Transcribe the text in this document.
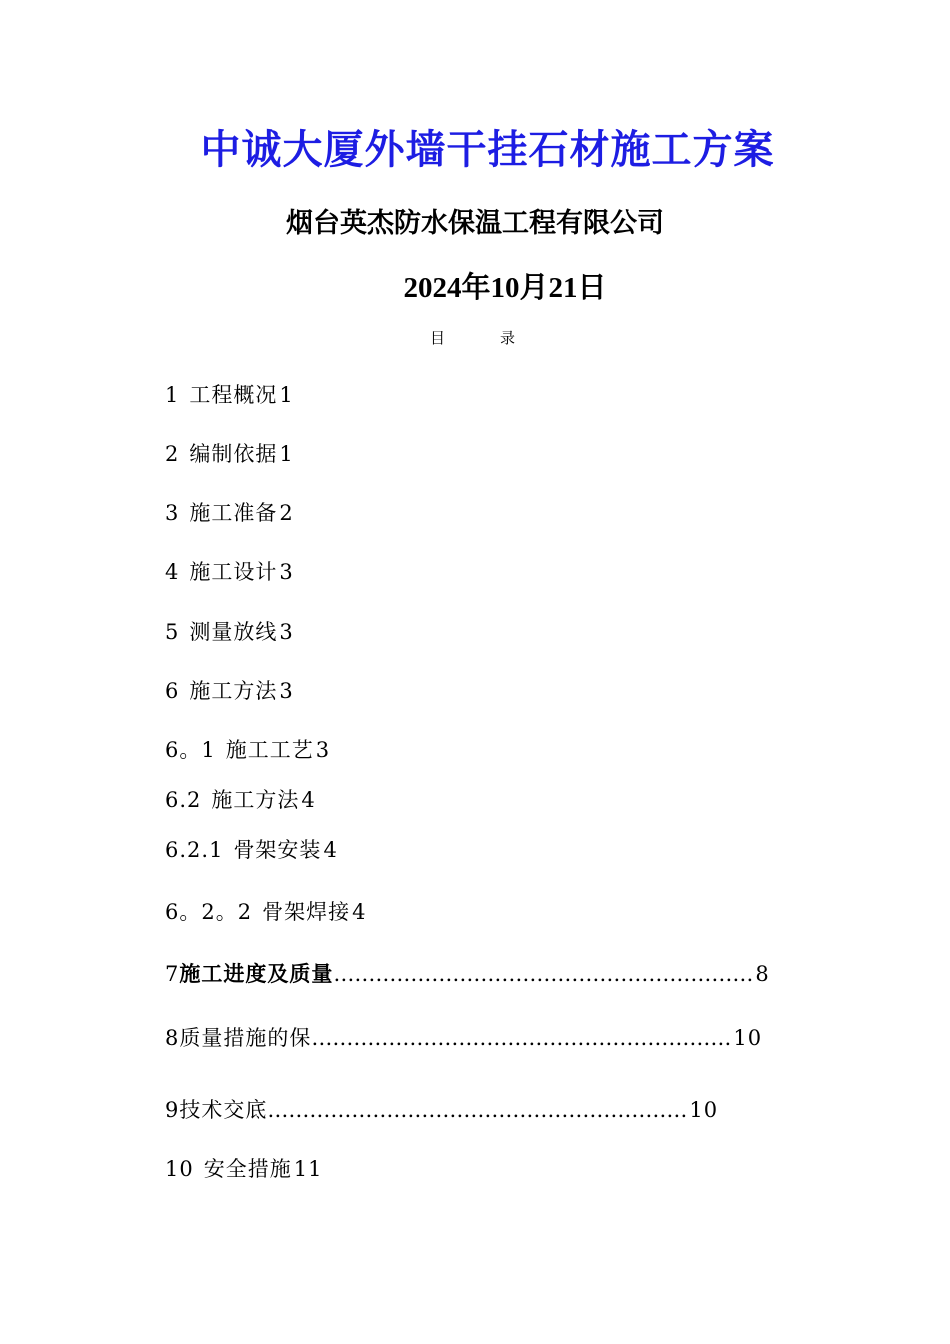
中诚大厦外墙干挂石材施工方案
烟台英杰防水保温工程有限公司
2024年10月21日
目	录
1 工程概况1
2 编制依据1
3 施工准备2
4 施工设计3
5 测量放线3
6 施工方法3
6。1 施工工艺3
6.2 施工方法4
6.2.1 骨架安装4
6。2。2 骨架焊接4
7施工进度及质量……………………………………………………8
8质量措施的保……………………………………………………10
9技术交底……………………………………………………10
10 安全措施11
